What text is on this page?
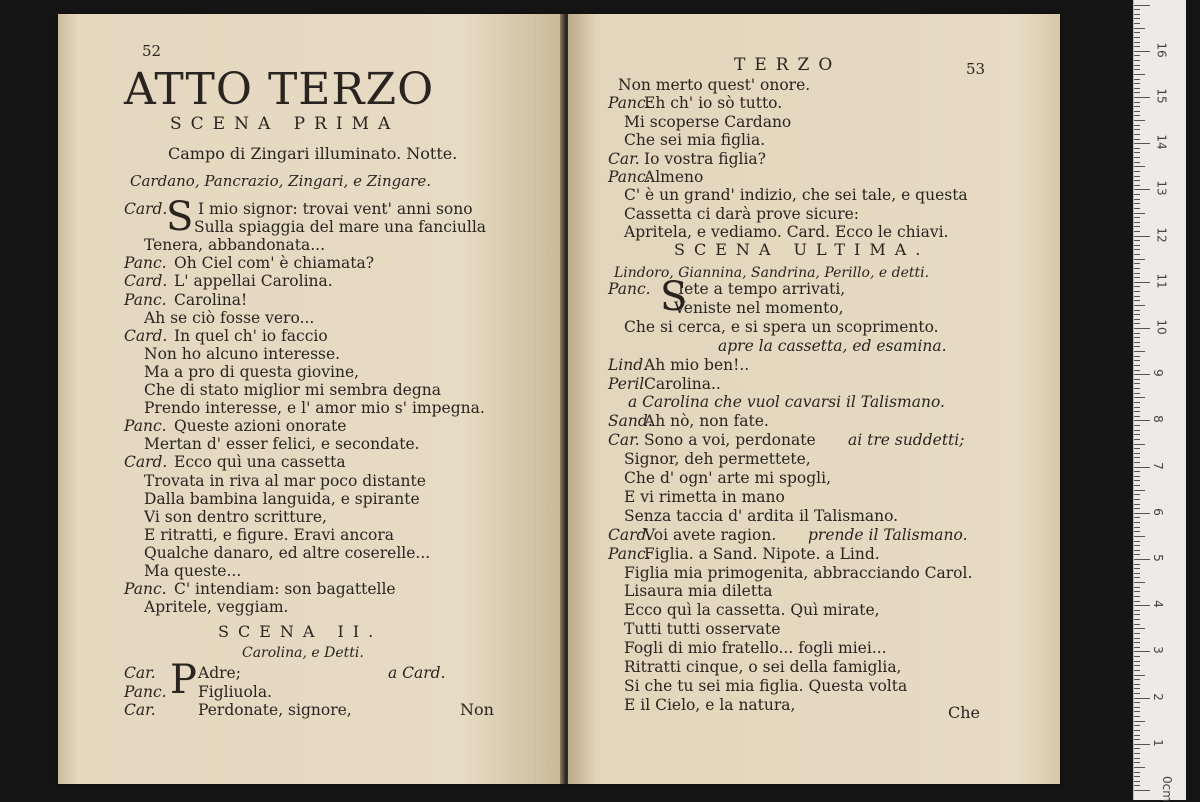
52
ATTO TERZO
SCENA PRIMA
Campo di Zingari illuminato. Notte.
Cardano, Pancrazio, Zingari, e Zingare.
S
Card. I mio signor: trovai vent' anni sono
Sulla spiaggia del mare una fanciulla
Tenera, abbandonata...
Panc. Oh Ciel com' è chiamata?
Card. L' appellai Carolina.
Panc. Carolina!
Ah se ciò fosse vero...
Card. In quel ch' io faccio
Non ho alcuno interesse.
Ma a pro di questa giovine,
Che di stato miglior mi sembra degna
Prendo interesse, e l' amor mio s' impegna.
Panc. Queste azioni onorate
Mertan d' esser felici, e secondate.
Card. Ecco quì una cassetta
Trovata in riva al mar poco distante
Dalla bambina languida, e spirante
Vi son dentro scritture,
E ritratti, e figure. Eravi ancora
Qualche danaro, ed altre coserelle...
Ma queste...
Panc. C' intendiam: son bagattelle
Apritele, veggiam.
SCENA II.
Carolina, e Detti.
Car.	Adre;	a Card.
P
Panc. Figliuola.
Car.	Perdonate, signore,	Non
TERZO	53
Non merto quest' onore.
Panc.
Eh ch' io sò tutto.
Mi scoperse Cardano
Che sei mia figlia.
Car. Io vostra figlia?
Panc.
Almeno
C' è un grand' indizio, che sei tale, e questa
Cassetta ci darà prove sicure:
Apritela, e vediamo. Card. Ecco le chiavi.
SCENA ULTIMA.
Lindoro, Giannina, Sandrina, Perillo, e detti.
S
Panc. Iete a tempo arrivati,
Veniste nel momento,
Che si cerca, e si spera un scoprimento.
apre la cassetta, ed esamina.
Lind.
Ah mio ben!..
Peril Carolina..
a Carolina che vuol cavarsi il Talismano.
Sand.
Ah nò, non fate.
Car. Sono a voi, perdonate ai tre suddetti;
Signor, deh permettete,
Che d' ogn' arte mi spogli,
E vi rimetta in mano
Senza taccia d' ardita il Talismano.
Card.
Voi avete ragion. prende il Talismano.
Panc.
Figlia. a Sand. Nipote. a Lind.
Figlia mia primogenita, abbracciando Carol.
Lisaura mia diletta
Ecco quì la cassetta. Quì mirate,
Tutti tutti osservate
Fogli di mio fratello... fogli miei...
Ritratti cinque, o sei della famiglia,
Si che tu sei mia figlia. Questa volta
E il Cielo, e la natura,	Che
16
15
14
13
12
11
10
9
8
7
6
5
4
3
2
1
0cm
